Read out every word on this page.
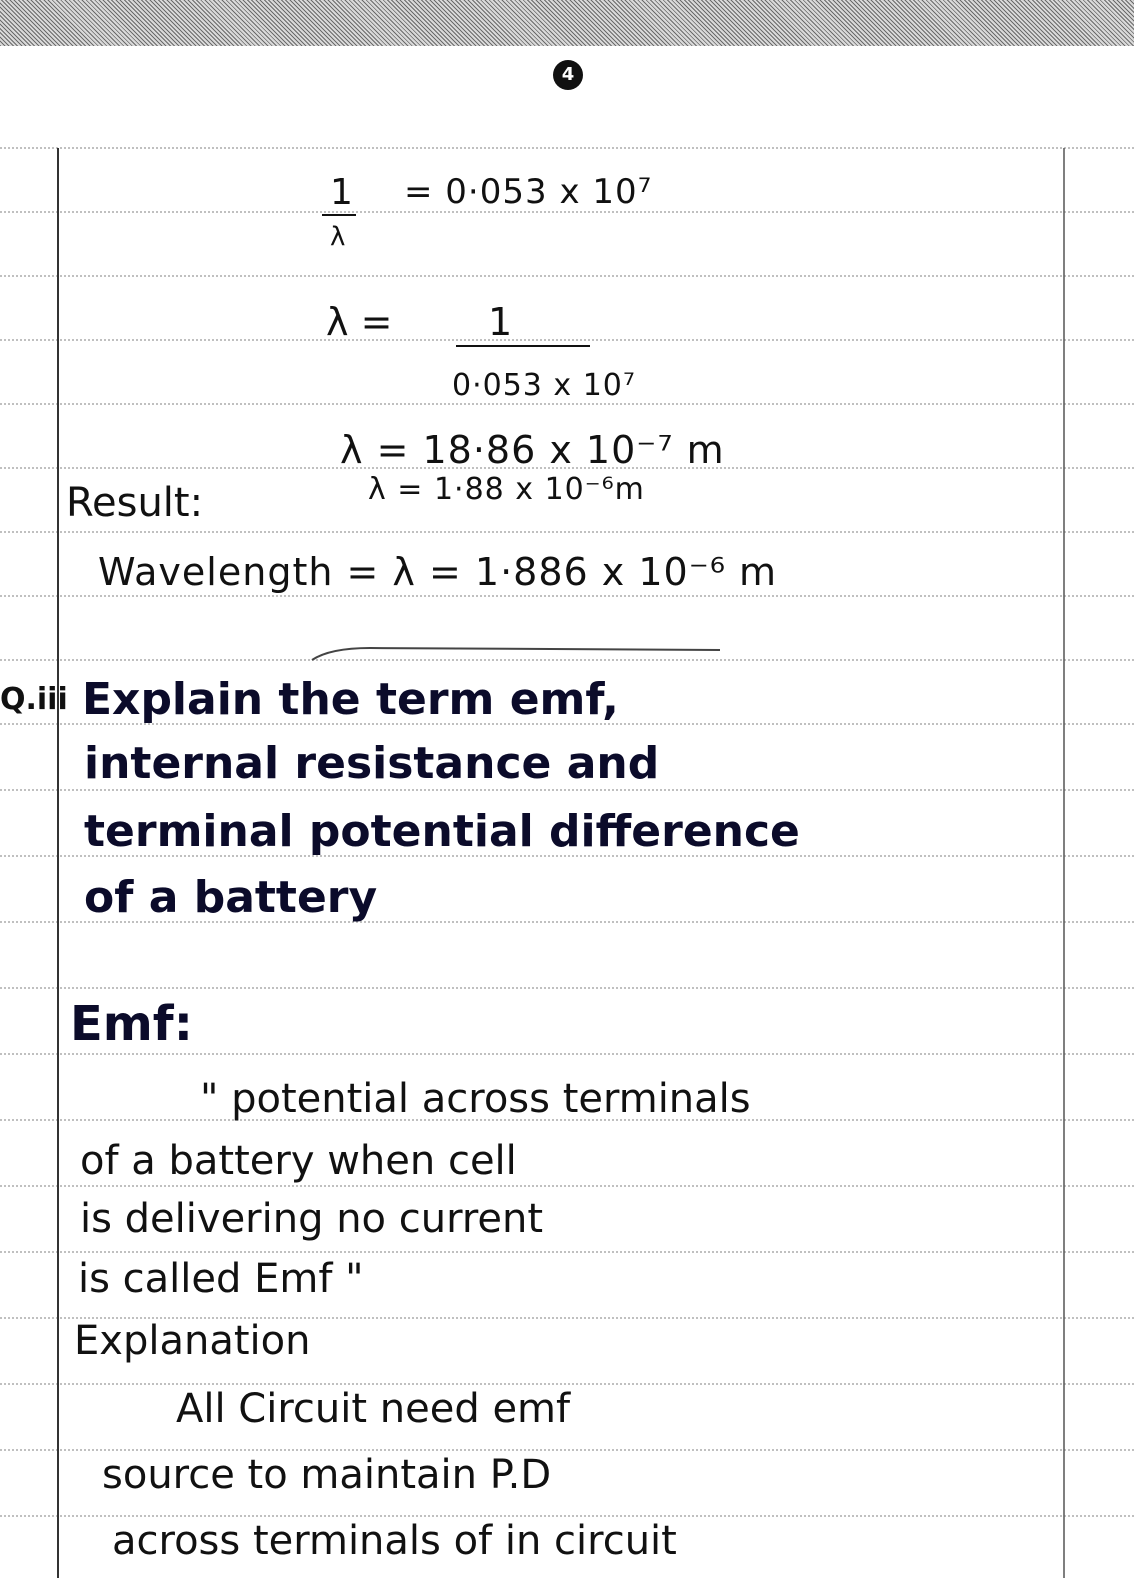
4
1
λ
= 0·053 x 10⁷
λ =	1
0·053 x 10⁷
λ = 18·86 x 10⁻⁷ m
λ = 1·88 x 10⁻⁶m
Result:
Wavelength = λ = 1·886 x 10⁻⁶ m
Q.iii Explain the term emf,
internal resistance and
terminal potential difference
of a battery
Emf:
" potential across terminals
of a battery when cell
is delivering no current
is called Emf "
Explanation
All Circuit need emf
source to maintain P.D
across terminals of in circuit
